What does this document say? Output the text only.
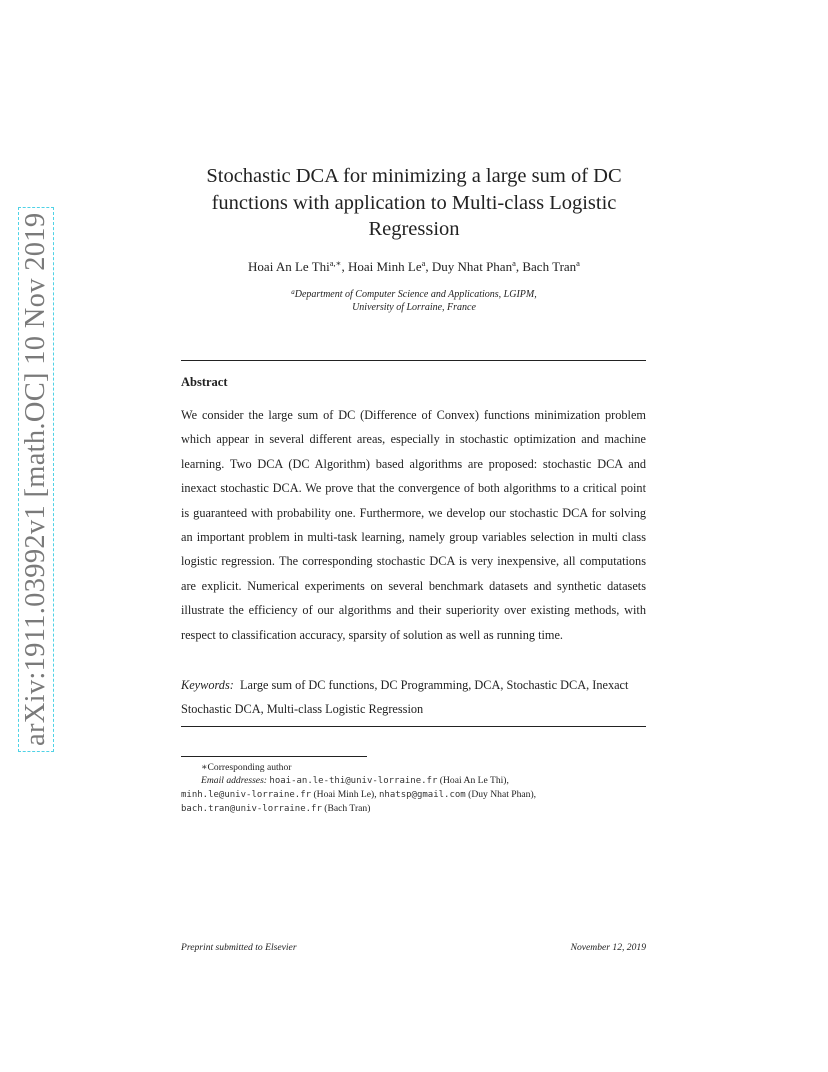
arXiv:1911.03992v1 [math.OC] 10 Nov 2019
Stochastic DCA for minimizing a large sum of DC functions with application to Multi-class Logistic Regression
Hoai An Le Thi$^{a,∗}$, Hoai Minh Le$^a$, Duy Nhat Phan$^a$, Bach Tran$^a$
$^a$Department of Computer Science and Applications, LGIPM,
University of Lorraine, France
Abstract

We consider the large sum of DC (Difference of Convex) functions minimization problem which appear in several different areas, especially in stochastic optimization and machine learning. Two DCA (DC Algorithm) based algorithms are proposed: stochastic DCA and inexact stochastic DCA. We prove that the convergence of both algorithms to a critical point is guaranteed with probability one. Furthermore, we develop our stochastic DCA for solving an important problem in multi-task learning, namely group variables selection in multi class logistic regression. The corresponding stochastic DCA is very inexpensive, all computations are explicit. Numerical experiments on several benchmark datasets and synthetic datasets illustrate the efficiency of our algorithms and their superiority over existing methods, with respect to classification accuracy, sparsity of solution as well as running time.

Keywords: Large sum of DC functions, DC Programming, DCA, Stochastic DCA, Inexact Stochastic DCA, Multi-class Logistic Regression

∗Corresponding author
Email addresses: hoai-an.le-thi@univ-lorraine.fr (Hoai An Le Thi),
minh.le@univ-lorraine.fr (Hoai Minh Le), nhatsp@gmail.com (Duy Nhat Phan),
bach.tran@univ-lorraine.fr (Bach Tran)
Preprint submitted to Elsevier	November 12, 2019
